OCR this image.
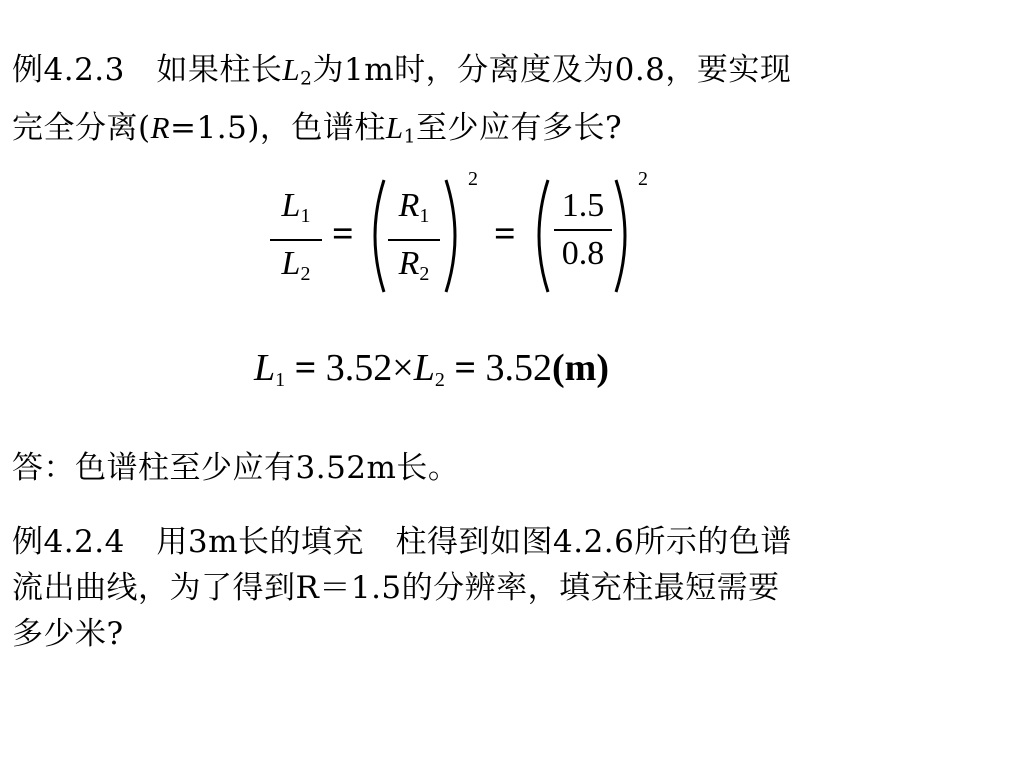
例4.2.3　如果柱长$L_2$为1m时，分离度及为0.8，要实现
完全分离(R=1.5)，色谱柱$L_1$至少应有多长?
L1
L2
=
R1
R2
2
=
1.5
0.8
2
L1 = 3.52×L2 = 3.52(m)
答：色谱柱至少应有3.52m长。
例4.2.4　用3m长的填充　柱得到如图4.2.6所示的色谱
流出曲线，为了得到R＝1.5的分辨率，填充柱最短需要
多少米?
